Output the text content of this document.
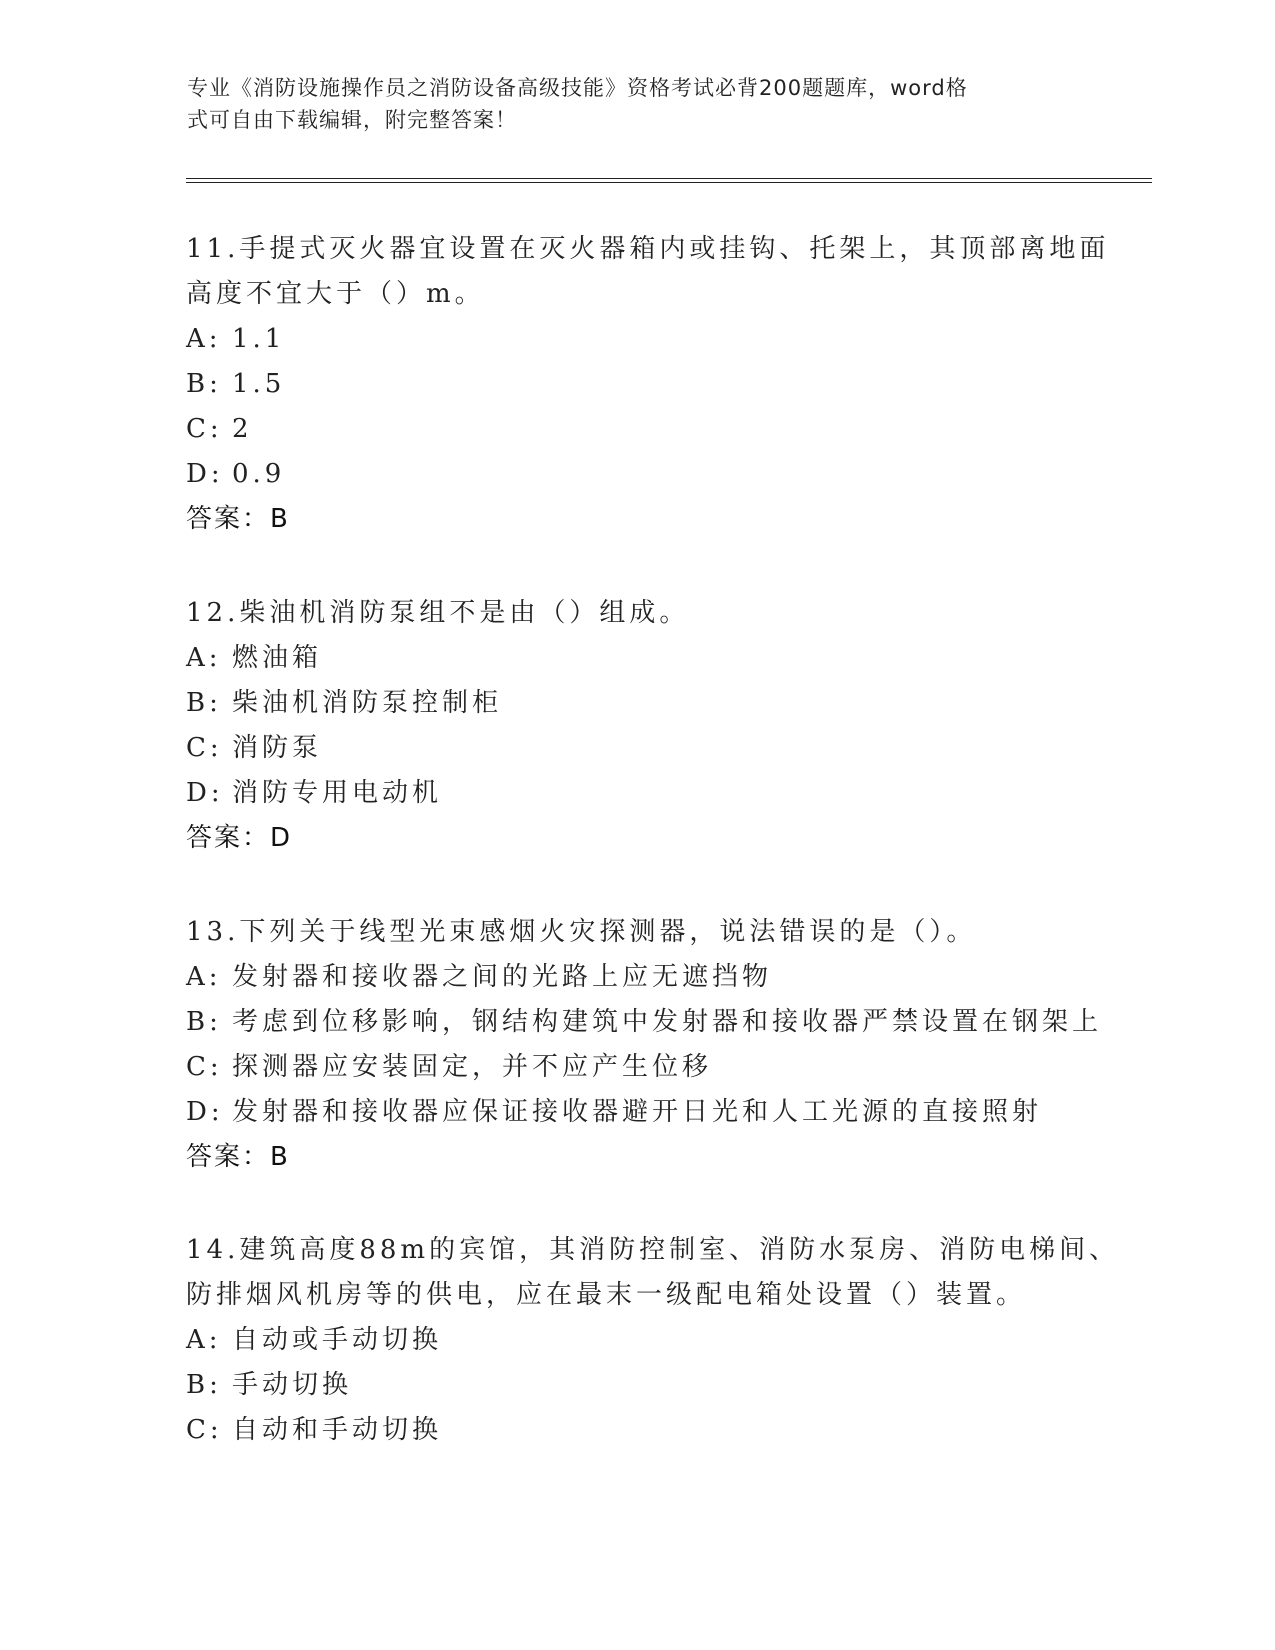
专业《消防设施操作员之消防设备高级技能》资格考试必背200题题库，word格
式可自由下载编辑，附完整答案！
11.手提式灭火器宜设置在灭火器箱内或挂钩、托架上，其顶部离地面
高度不宜大于（）m。
A: 1.1
B: 1.5
C: 2
D: 0.9
答案：B
12.柴油机消防泵组不是由（）组成。
A: 燃油箱
B: 柴油机消防泵控制柜
C: 消防泵
D: 消防专用电动机
答案：D
13.下列关于线型光束感烟火灾探测器，说法错误的是（）。
A: 发射器和接收器之间的光路上应无遮挡物
B: 考虑到位移影响，钢结构建筑中发射器和接收器严禁设置在钢架上
C: 探测器应安装固定，并不应产生位移
D: 发射器和接收器应保证接收器避开日光和人工光源的直接照射
答案：B
14.建筑高度88m的宾馆，其消防控制室、消防水泵房、消防电梯间、
防排烟风机房等的供电，应在最末一级配电箱处设置（）装置。
A: 自动或手动切换
B: 手动切换
C: 自动和手动切换
